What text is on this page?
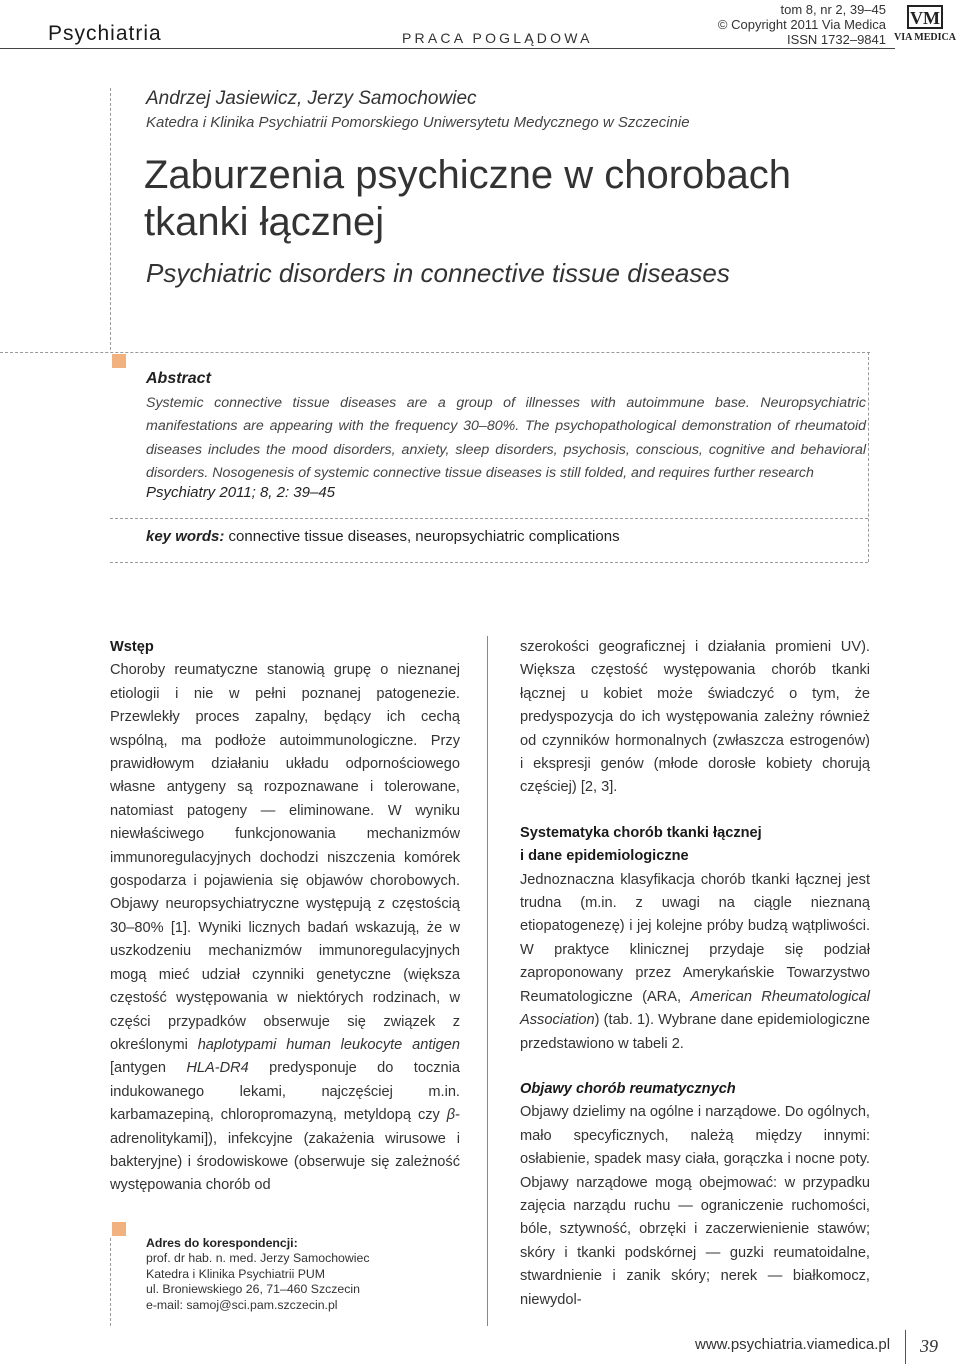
Psychiatria	PRACA POGLĄDOWA
tom 8, nr 2, 39–45
© Copyright 2011 Via Medica
ISSN 1732–9841
VM
VIA MEDICA
Andrzej Jasiewicz, Jerzy Samochowiec
Katedra i Klinika Psychiatrii Pomorskiego Uniwersytetu Medycznego w Szczecinie
Zaburzenia psychiczne w chorobach
tkanki łącznej
Psychiatric disorders in connective tissue diseases
Abstract
Systemic connective tissue diseases are a group of illnesses with autoimmune base. Neuropsychiatric manifestations are appearing with the frequency 30–80%. The psychopathological demonstration of rheumatoid diseases includes the mood disorders, anxiety, sleep disorders, psychosis, conscious, cognitive and behavioral disorders. Nosogenesis of systemic connective tissue diseases is still folded, and requires further research
Psychiatry 2011; 8, 2: 39–45
key words: connective tissue diseases, neuropsychiatric complications
Wstęp

Choroby reumatyczne stanowią grupę o nieznanej etiologii i nie w pełni poznanej patogenezie. Przewlekły proces zapalny, będący ich cechą wspólną, ma podłoże autoimmunologiczne. Przy prawidłowym działaniu układu odpornościowego własne antygeny są rozpoznawane i tolerowane, natomiast patogeny — eliminowane. W wyniku niewłaściwego funkcjonowania mechanizmów immunoregulacyjnych dochodzi niszczenia komórek gospodarza i pojawienia się objawów chorobowych. Objawy neuropsychiatryczne występują z częstością 30–80% [1]. Wyniki licznych badań wskazują, że w uszkodzeniu mechanizmów immunoregulacyjnych mogą mieć udział czynniki genetyczne (większa częstość występowania w niektórych rodzinach, w części przypadków obserwuje się związek z określonymi haplotypami human leukocyte antigen [antygen HLA-DR4 predysponuje do tocznia indukowanego lekami, najczęściej m.in. karbamazepiną, chloropromazyną, metyldopą czy β-adrenolitykami]), infekcyjne (zakażenia wirusowe i bakteryjne) i środowiskowe (obserwuje się zależność występowania chorób od

szerokości geograficznej i działania promieni UV). Większa częstość występowania chorób tkanki łącznej u kobiet może świadczyć o tym, że predyspozycja do ich występowania zależny również od czynników hormonalnych (zwłaszcza estrogenów) i ekspresji genów (młode dorosłe kobiety chorują częściej) [2, 3].

Systematyka chorób tkanki łącznej
i dane epidemiologiczne

Jednoznaczna klasyfikacja chorób tkanki łącznej jest trudna (m.in. z uwagi na ciągle nieznaną etiopatogenezę) i jej kolejne próby budzą wątpliwości. W praktyce klinicznej przydaje się podział zaproponowany przez Amerykańskie Towarzystwo Reumatologiczne (ARA, American Rheumatological Association) (tab. 1). Wybrane dane epidemiologiczne przedstawiono w tabeli 2.

Objawy chorób reumatycznych

Objawy dzielimy na ogólne i narządowe. Do ogólnych, mało specyficznych, należą między innymi: osłabienie, spadek masy ciała, gorączka i nocne poty. Objawy narządowe mogą obejmować: w przypadku zajęcia narządu ruchu — ograniczenie ruchomości, bóle, sztywność, obrzęki i zaczerwienienie stawów; skóry i tkanki podskórnej — guzki reumatoidalne, stwardnienie i zanik skóry; nerek — białkomocz, niewydol-

Adres do korespondencji:
prof. dr hab. n. med. Jerzy Samochowiec
Katedra i Klinika Psychiatrii PUM
ul. Broniewskiego 26, 71–460 Szczecin
e-mail: samoj@sci.pam.szczecin.pl
www.psychiatria.viamedica.pl 39
